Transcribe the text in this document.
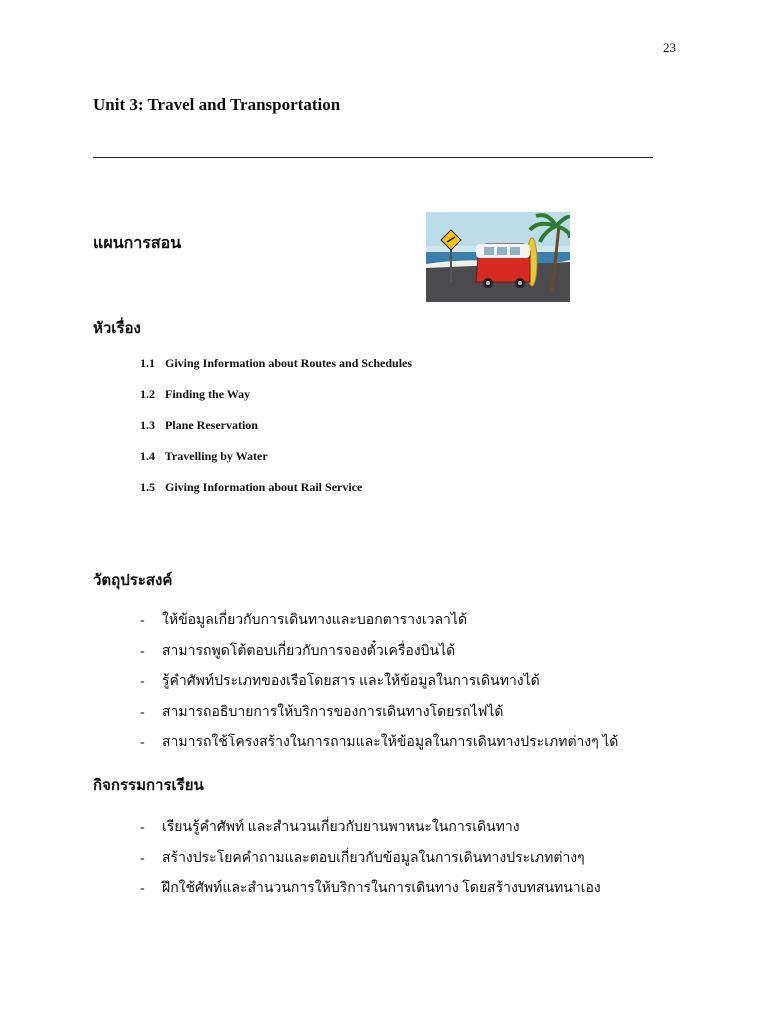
23
Unit 3: Travel and Transportation
แผนการสอน
หัวเรื่อง
1.1 Giving Information about Routes and Schedules
1.2 Finding the Way
1.3 Plane Reservation
1.4 Travelling by Water
1.5 Giving Information about Rail Service
วัตถุประสงค์
- ให้ข้อมูลเกี่ยวกับการเดินทางและบอกตารางเวลาได้
- สามารถพูดโต้ตอบเกี่ยวกับการจองตั๋วเครื่องบินได้
- รู้คำศัพท์ประเภทของเรือโดยสาร และให้ข้อมูลในการเดินทางได้
- สามารถอธิบายการให้บริการของการเดินทางโดยรถไฟได้
- สามารถใช้โครงสร้างในการถามและให้ข้อมูลในการเดินทางประเภทต่างๆ ได้
กิจกรรมการเรียน
- เรียนรู้คำศัพท์ และสำนวนเกี่ยวกับยานพาหนะในการเดินทาง
- สร้างประโยคคำถามและตอบเกี่ยวกับข้อมูลในการเดินทางประเภทต่างๆ
- ฝึกใช้ศัพท์และสำนวนการให้บริการในการเดินทาง โดยสร้างบทสนทนาเอง
